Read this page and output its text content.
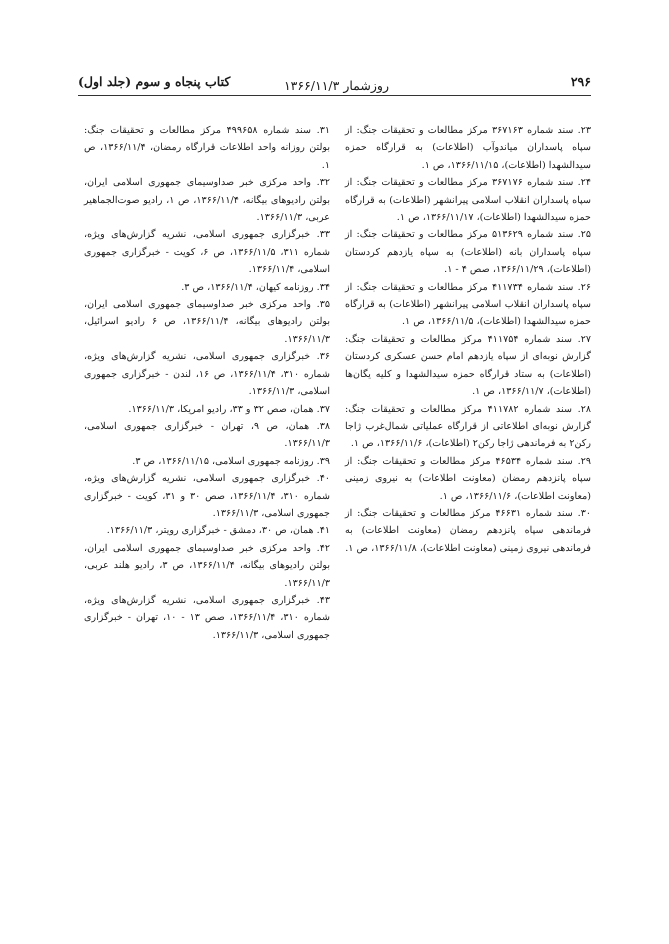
۲۹۶
روزشمار ۱۳۶۶/۱۱/۳
کتاب پنجاه و سوم (جلد اول)

۲۳. سند شماره ۳۶۷۱۶۳ مرکز مطالعات و تحقیقات جنگ: از سپاه پاسداران میاندوآب (اطلاعات) به قرارگاه حمزه سیدالشهدا (اطلاعات)، ۱۳۶۶/۱۱/۱۵، ص ۱.

۲۴. سند شماره ۳۶۷۱۷۶ مرکز مطالعات و تحقیقات جنگ: از سپاه پاسداران انقلاب اسلامی پیرانشهر (اطلاعات) به قرارگاه حمزه سیدالشهدا (اطلاعات)، ۱۳۶۶/۱۱/۱۷، ص ۱.

۲۵. سند شماره ۵۱۳۶۲۹ مرکز مطالعات و تحقیقات جنگ: از سپاه پاسداران بانه (اطلاعات) به سپاه یازدهم کردستان (اطلاعات)، ۱۳۶۶/۱۱/۲۹، صص ۴ - ۱.

۲۶. سند شماره ۴۱۱۷۳۴ مرکز مطالعات و تحقیقات جنگ: از سپاه پاسداران انقلاب اسلامی پیرانشهر (اطلاعات) به قرارگاه حمزه سیدالشهدا (اطلاعات)، ۱۳۶۶/۱۱/۵، ص ۱.

۲۷. سند شماره ۴۱۱۷۵۴ مرکز مطالعات و تحقیقات جنگ: گزارش نوبه‌ای از سپاه یازدهم امام حسن عسکری کردستان (اطلاعات) به ستاد قرارگاه حمزه سیدالشهدا و کلیه یگان‌ها (اطلاعات)، ۱۳۶۶/۱۱/۷، ص ۱.

۲۸. سند شماره ۴۱۱۷۸۲ مرکز مطالعات و تحقیقات جنگ: گزارش نوبه‌ای اطلاعاتی از قرارگاه عملیاتی شمال‌غرب ژاجا رکن۲ به فرماندهی ژاجا رکن۲ (اطلاعات)، ۱۳۶۶/۱۱/۶، ص ۱.

۲۹. سند شماره ۴۶۵۳۴ مرکز مطالعات و تحقیقات جنگ: از سپاه پانزدهم رمضان (معاونت اطلاعات) به نیروی زمینی (معاونت اطلاعات)، ۱۳۶۶/۱۱/۶، ص ۱.

۳۰. سند شماره ۴۶۶۳۱ مرکز مطالعات و تحقیقات جنگ: از فرماندهی سپاه پانزدهم رمضان (معاونت اطلاعات) به فرماندهی نیروی زمینی (معاونت اطلاعات)، ۱۳۶۶/۱۱/۸، ص ۱.

۳۱. سند شماره ۴۹۹۶۵۸ مرکز مطالعات و تحقیقات جنگ: بولتن روزانه واحد اطلاعات قرارگاه رمضان، ۱۳۶۶/۱۱/۴، ص ۱.

۳۲. واحد مرکزی خبر صداوسیمای جمهوری اسلامی ایران، بولتن رادیوهای بیگانه، ۱۳۶۶/۱۱/۴، ص ۱، رادیو صوت‌الجماهیر عربی، ۱۳۶۶/۱۱/۳.

۳۳. خبرگزاری جمهوری اسلامی، نشریه گزارش‌های ویژه، شماره ۳۱۱، ۱۳۶۶/۱۱/۵، ص ۶، کویت - خبرگزاری جمهوری اسلامی، ۱۳۶۶/۱۱/۴.

۳۴. روزنامه کیهان، ۱۳۶۶/۱۱/۴، ص ۳.

۳۵. واحد مرکزی خبر صداوسیمای جمهوری اسلامی ایران، بولتن رادیوهای بیگانه، ۱۳۶۶/۱۱/۴، ص ۶ رادیو اسرائیل، ۱۳۶۶/۱۱/۳.

۳۶. خبرگزاری جمهوری اسلامی، نشریه گزارش‌های ویژه، شماره ۳۱۰، ۱۳۶۶/۱۱/۴، ص ۱۶، لندن - خبرگزاری جمهوری اسلامی، ۱۳۶۶/۱۱/۳.

۳۷. همان، صص ۳۲ و ۳۳، رادیو امریکا، ۱۳۶۶/۱۱/۳.

۳۸. همان، ص ۹، تهران - خبرگزاری جمهوری اسلامی، ۱۳۶۶/۱۱/۳.

۳۹. روزنامه جمهوری اسلامی، ۱۳۶۶/۱۱/۱۵، ص ۳.

۴۰. خبرگزاری جمهوری اسلامی، نشریه گزارش‌های ویژه، شماره ۳۱۰، ۱۳۶۶/۱۱/۴، صص ۳۰ و ۳۱، کویت - خبرگزاری جمهوری اسلامی، ۱۳۶۶/۱۱/۳.

۴۱. همان، ص ۳۰، دمشق - خبرگزاری رویتر، ۱۳۶۶/۱۱/۳.

۴۲. واحد مرکزی خبر صداوسیمای جمهوری اسلامی ایران، بولتن رادیوهای بیگانه، ۱۳۶۶/۱۱/۴، ص ۳، رادیو هلند عربی، ۱۳۶۶/۱۱/۳.

۴۳. خبرگزاری جمهوری اسلامی، نشریه گزارش‌های ویژه، شماره ۳۱۰، ۱۳۶۶/۱۱/۴، صص ۱۳ - ۱۰، تهران - خبرگزاری جمهوری اسلامی، ۱۳۶۶/۱۱/۳.
